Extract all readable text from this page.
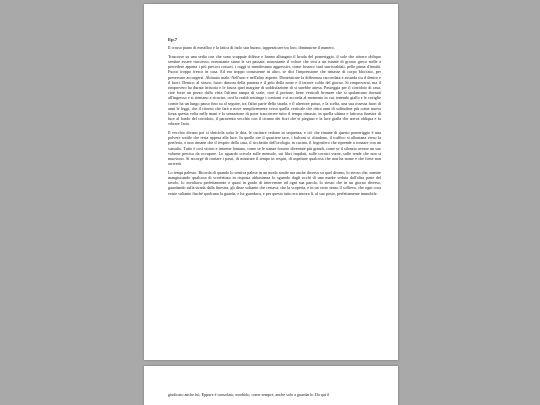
Ep.7

Il crasso piano di metalloo e la fatica di farlo star buono, tappezzicare tra loro, diminuirne il numero.

Trascorse su una sedia con che sono scappate diffuse e hanno allungato il broda del pomeriggio, il sole che attorro obliquo sembre essere riaccesso, nonostante siano le sei passate, nonostante il colore che vira a un istante di grosso greco stelle a precedere appena i più precoci rossori, i raggi si manifestano aggressivi, come fossero stati surriscaldati, pelle piena d'insulti. Fuoco troppo fresco in casa. Ed era troppo consistente in altro, se dici l'impressione che rimasse di corpo bloccato, per preservare accorgersi. Abituato male. Nell'uno e nell'altro aspetto. Dimenticare la differenza raccordata e assurda tra il dentro e il fuori. Dentro: al sicuro, fuori: dimora della pantera e il gelo della notte e il terrore coldo del giorno. Si rimproverai, ma il rimprovero ha durata irrisoria e le fascia quel margine di soddisfazione di si sarebbe attesa. Passeggia per il corridoio di casa, cioè forse un pezzo dalla vista l'ultima rampa di scale, cioè il portone, bene verticali bronzee che si spalancano davanti all'ingresso e si stentano a ricucire, così la realtà restringe i contorni e si accorda al momento in cui, tenendo giallo e le caviglie cornie ha un lungo passo fino su al seguire, tra l'altro parte della strada, e il ulteriore passo, e la scelta, una sua ossessa fuori di anni le leggi, che il ritorno che farà a nove semplicemente verso quella verticale che ritira anni di solitudine più come nuova forza questa volta nelle mani e la sensazione di poter trascorrere tutto il tempo rimasto, in quella ultima e faticosa finestra di luce al fondo del corridoio, il paravento vecchio con il ricamo dei fiori che si piegano e la luce gialla che arriva obliqua e fa vibrare l'aria.

Il vecchio divano poi si sbriciola sotto le dita, le cuciture cedono in sequenza, e ciò che rimane di questo pomeriggio è una polvere sottile che resta appesa alla luce. In quelle ore il quartiere tace, i balconi si chiudono, il traffico si allontana verso la periferia, e non rimane che il respiro della casa, il ticchettio dell'orologio in cucina, il frigorifero che riprende a ronzare con un sussulto. Tutto è così vicino e insieme lontano, come se le stanze fossero diventate più grandi, come se il silenzio avesse un suo volume preciso da occupare. Lo sguardo scivola sulle mensole, sui libri impilati, sulle cornici vuote, sulle tende che non si muovono. Si accorge di contare i passi, di misurare il tempo in respiri, di aspettare qualcosa che non ha nome e che forse non arriverà.

Lo tempi palesso. Ricorda di quando lo sentiva palese in un modo simile ma anche diverso su quel divano, lo stesso che, mentre mangiucando qualcosa di scorfettato in risposta abbastanza lo sguardo dagli occhi di una madre seduta dall'altra parte del tavolo, lo invidiava perfettamente e quasi in grado di intervenire ad ogni sua parola, lo stesso che in un giorno diverso, guardando sulla strada dalla finestra, gli disse soltanto che restava, che la scoperta, e in un certo senso il sollievo, che ogni cosa esiste soltanto finché qualcuno la guarda, e lui guardava, e per questo tutto era ancora lì, al suo posto, perfettamente immobile.

giudicato anche lui. Eppure è consolato, morbido, come sempre, anche solo a guardarlo. Da qui il
